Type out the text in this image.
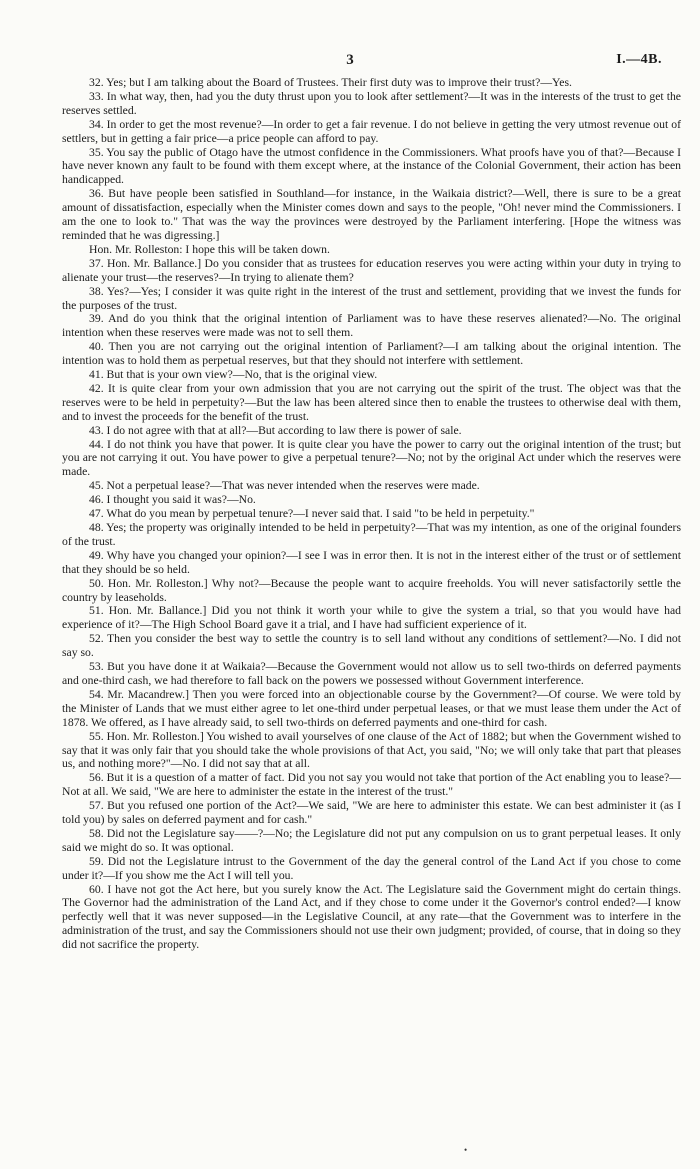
3	I.—4B.

32. Yes; but I am talking about the Board of Trustees. Their first duty was to improve their trust?—Yes.

33. In what way, then, had you the duty thrust upon you to look after settlement?—It was in the interests of the trust to get the reserves settled.

34. In order to get the most revenue?—In order to get a fair revenue. I do not believe in getting the very utmost revenue out of settlers, but in getting a fair price—a price people can afford to pay.

35. You say the public of Otago have the utmost confidence in the Commissioners. What proofs have you of that?—Because I have never known any fault to be found with them except where, at the instance of the Colonial Government, their action has been handicapped.

36. But have people been satisfied in Southland—for instance, in the Waikaia district?—Well, there is sure to be a great amount of dissatisfaction, especially when the Minister comes down and says to the people, "Oh! never mind the Commissioners. I am the one to look to." That was the way the provinces were destroyed by the Parliament interfering. [Hope the witness was reminded that he was digressing.]

Hon. Mr. Rolleston: I hope this will be taken down.

37. Hon. Mr. Ballance.] Do you consider that as trustees for education reserves you were acting within your duty in trying to alienate your trust—the reserves?—In trying to alienate them?

38. Yes?—Yes; I consider it was quite right in the interest of the trust and settlement, providing that we invest the funds for the purposes of the trust.

39. And do you think that the original intention of Parliament was to have these reserves alienated?—No. The original intention when these reserves were made was not to sell them.

40. Then you are not carrying out the original intention of Parliament?—I am talking about the original intention. The intention was to hold them as perpetual reserves, but that they should not interfere with settlement.

41. But that is your own view?—No, that is the original view.

42. It is quite clear from your own admission that you are not carrying out the spirit of the trust. The object was that the reserves were to be held in perpetuity?—But the law has been altered since then to enable the trustees to otherwise deal with them, and to invest the proceeds for the benefit of the trust.

43. I do not agree with that at all?—But according to law there is power of sale.

44. I do not think you have that power. It is quite clear you have the power to carry out the original intention of the trust; but you are not carrying it out. You have power to give a perpetual tenure?—No; not by the original Act under which the reserves were made.

45. Not a perpetual lease?—That was never intended when the reserves were made.

46. I thought you said it was?—No.

47. What do you mean by perpetual tenure?—I never said that. I said "to be held in perpetuity."

48. Yes; the property was originally intended to be held in perpetuity?—That was my intention, as one of the original founders of the trust.

49. Why have you changed your opinion?—I see I was in error then. It is not in the interest either of the trust or of settlement that they should be so held.

50. Hon. Mr. Rolleston.] Why not?—Because the people want to acquire freeholds. You will never satisfactorily settle the country by leaseholds.

51. Hon. Mr. Ballance.] Did you not think it worth your while to give the system a trial, so that you would have had experience of it?—The High School Board gave it a trial, and I have had sufficient experience of it.

52. Then you consider the best way to settle the country is to sell land without any conditions of settlement?—No. I did not say so.

53. But you have done it at Waikaia?—Because the Government would not allow us to sell two-thirds on deferred payments and one-third cash, we had therefore to fall back on the powers we possessed without Government interference.

54. Mr. Macandrew.] Then you were forced into an objectionable course by the Government?—Of course. We were told by the Minister of Lands that we must either agree to let one-third under perpetual leases, or that we must lease them under the Act of 1878. We offered, as I have already said, to sell two-thirds on deferred payments and one-third for cash.

55. Hon. Mr. Rolleston.] You wished to avail yourselves of one clause of the Act of 1882; but when the Government wished to say that it was only fair that you should take the whole provisions of that Act, you said, "No; we will only take that part that pleases us, and nothing more?"—No. I did not say that at all.

56. But it is a question of a matter of fact. Did you not say you would not take that portion of the Act enabling you to lease?—Not at all. We said, "We are here to administer the estate in the interest of the trust."

57. But you refused one portion of the Act?—We said, "We are here to administer this estate. We can best administer it (as I told you) by sales on deferred payment and for cash."

58. Did not the Legislature say——?—No; the Legislature did not put any compulsion on us to grant perpetual leases. It only said we might do so. It was optional.

59. Did not the Legislature intrust to the Government of the day the general control of the Land Act if you chose to come under it?—If you show me the Act I will tell you.

60. I have not got the Act here, but you surely know the Act. The Legislature said the Government might do certain things. The Governor had the administration of the Land Act, and if they chose to come under it the Governor's control ended?—I know perfectly well that it was never supposed—in the Legislative Council, at any rate—that the Government was to interfere in the administration of the trust, and say the Commissioners should not use their own judgment; provided, of course, that in doing so they did not sacrifice the property.

•
